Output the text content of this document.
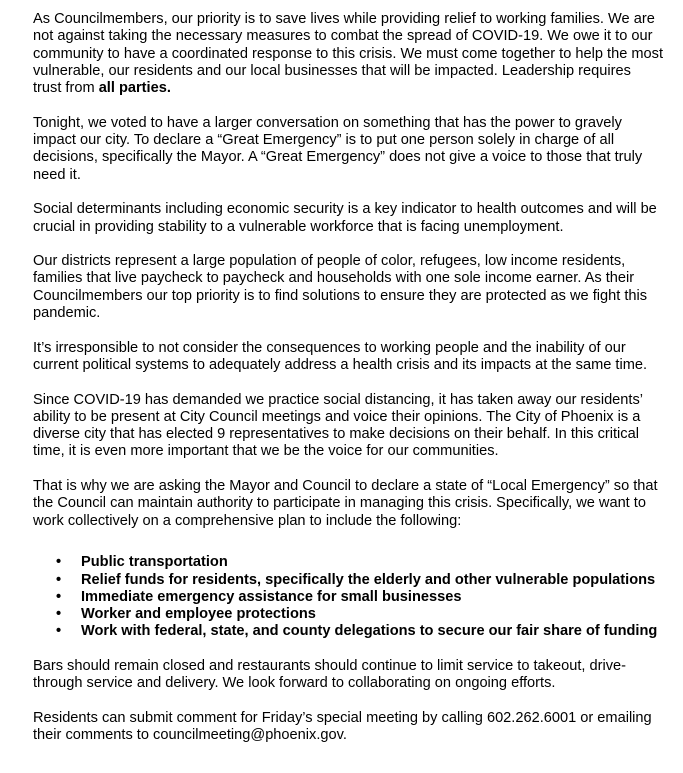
As Councilmembers, our priority is to save lives while providing relief to working families. We are not against taking the necessary measures to combat the spread of COVID-19. We owe it to our community to have a coordinated response to this crisis. We must come together to help the most vulnerable, our residents and our local businesses that will be impacted. Leadership requires trust from all parties.

Tonight, we voted to have a larger conversation on something that has the power to gravely impact our city. To declare a “Great Emergency” is to put one person solely in charge of all decisions, specifically the Mayor. A “Great Emergency” does not give a voice to those that truly need it.

Social determinants including economic security is a key indicator to health outcomes and will be crucial in providing stability to a vulnerable workforce that is facing unemployment.

Our districts represent a large population of people of color, refugees, low income residents, families that live paycheck to paycheck and households with one sole income earner. As their Councilmembers our top priority is to find solutions to ensure they are protected as we fight this pandemic.

It’s irresponsible to not consider the consequences to working people and the inability of our current political systems to adequately address a health crisis and its impacts at the same time.

Since COVID-19 has demanded we practice social distancing, it has taken away our residents’ ability to be present at City Council meetings and voice their opinions. The City of Phoenix is a diverse city that has elected 9 representatives to make decisions on their behalf. In this critical time, it is even more important that we be the voice for our communities.

That is why we are asking the Mayor and Council to declare a state of “Local Emergency” so that the Council can maintain authority to participate in managing this crisis. Specifically, we want to work collectively on a comprehensive plan to include the following:

• Public transportation
• Relief funds for residents, specifically the elderly and other vulnerable populations
• Immediate emergency assistance for small businesses
• Worker and employee protections
• Work with federal, state, and county delegations to secure our fair share of funding

Bars should remain closed and restaurants should continue to limit service to takeout, drive-through service and delivery. We look forward to collaborating on ongoing efforts.

Residents can submit comment for Friday’s special meeting by calling 602.262.6001 or emailing their comments to councilmeeting@phoenix.gov.
